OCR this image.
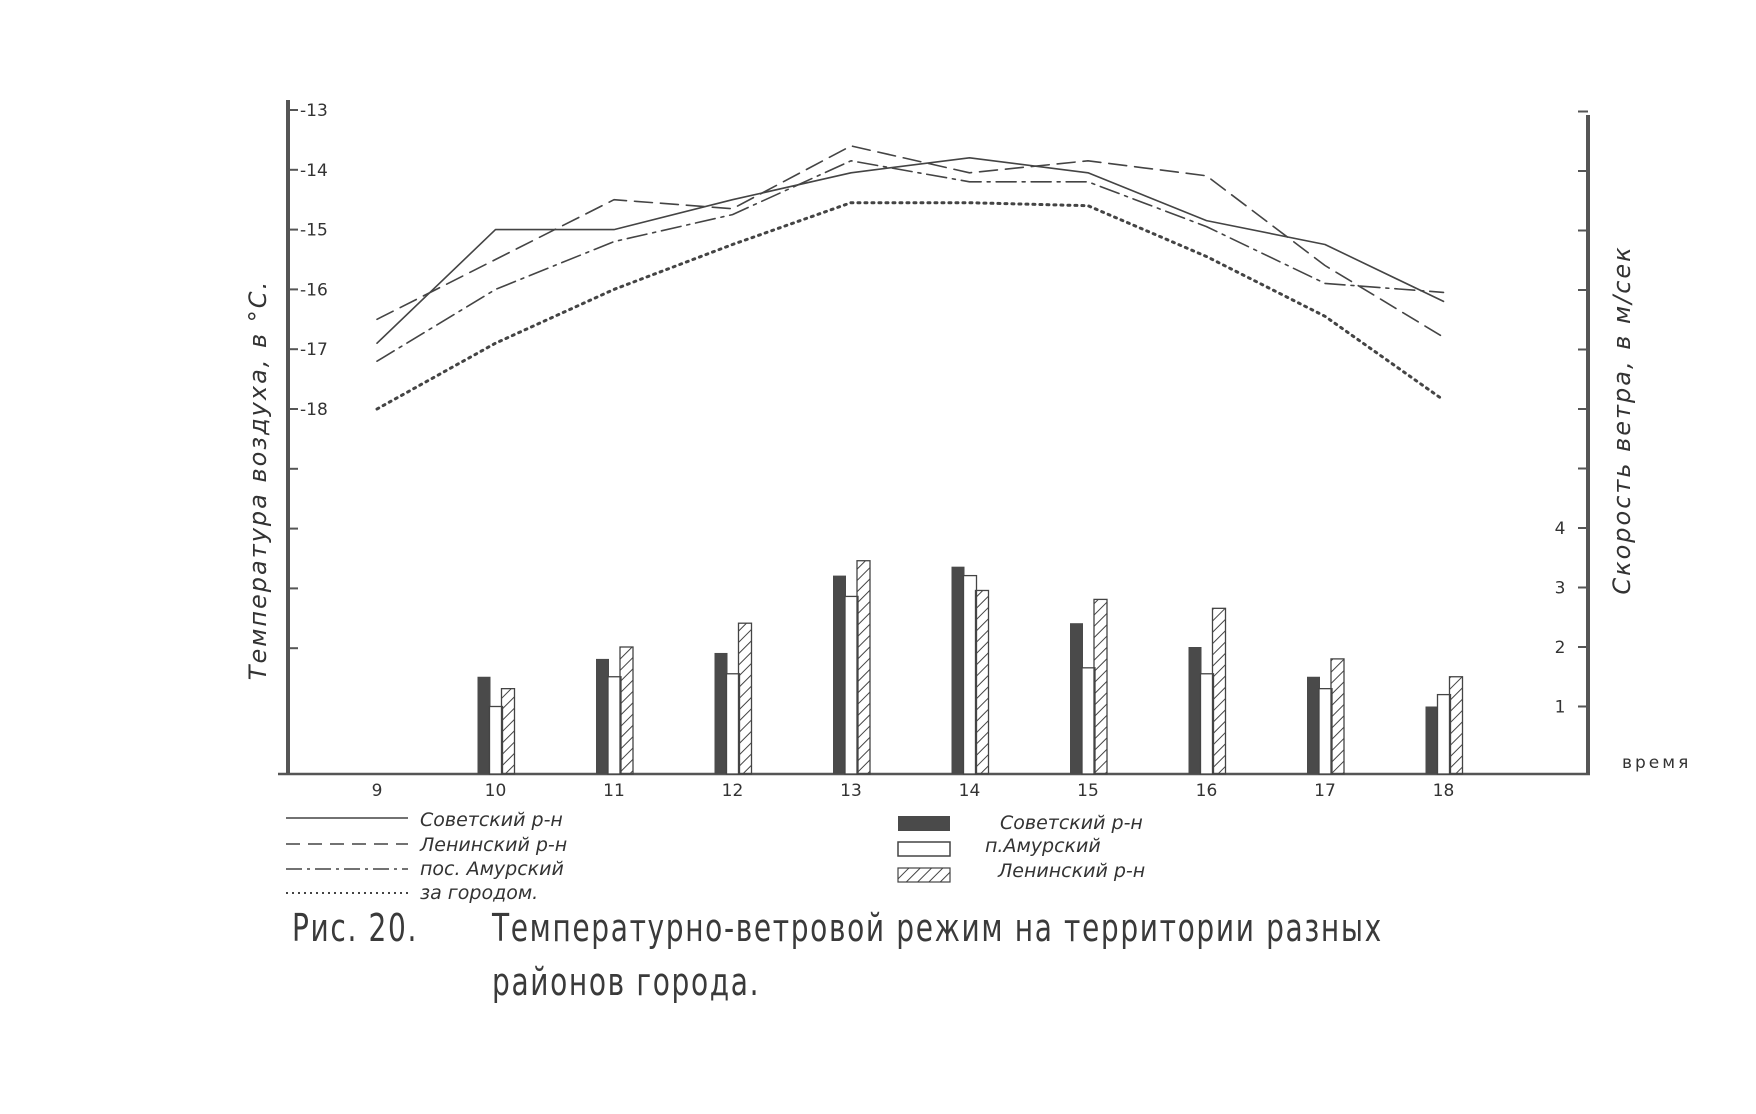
-13
-14
-15
-16
-17
-18
1
2
3
4
9	10	11	12	13	14	15	16	17	18
Температура воздуха, в °С.	Скорость ветра, в м/сек
время
Советский р-н
Ленинский р-н
пос. Амурский
за городом.
Советский р-н
п.Амурский
Ленинский р-н
Рис. 20. Температурно-ветровой режим на территории разных
районов города.
